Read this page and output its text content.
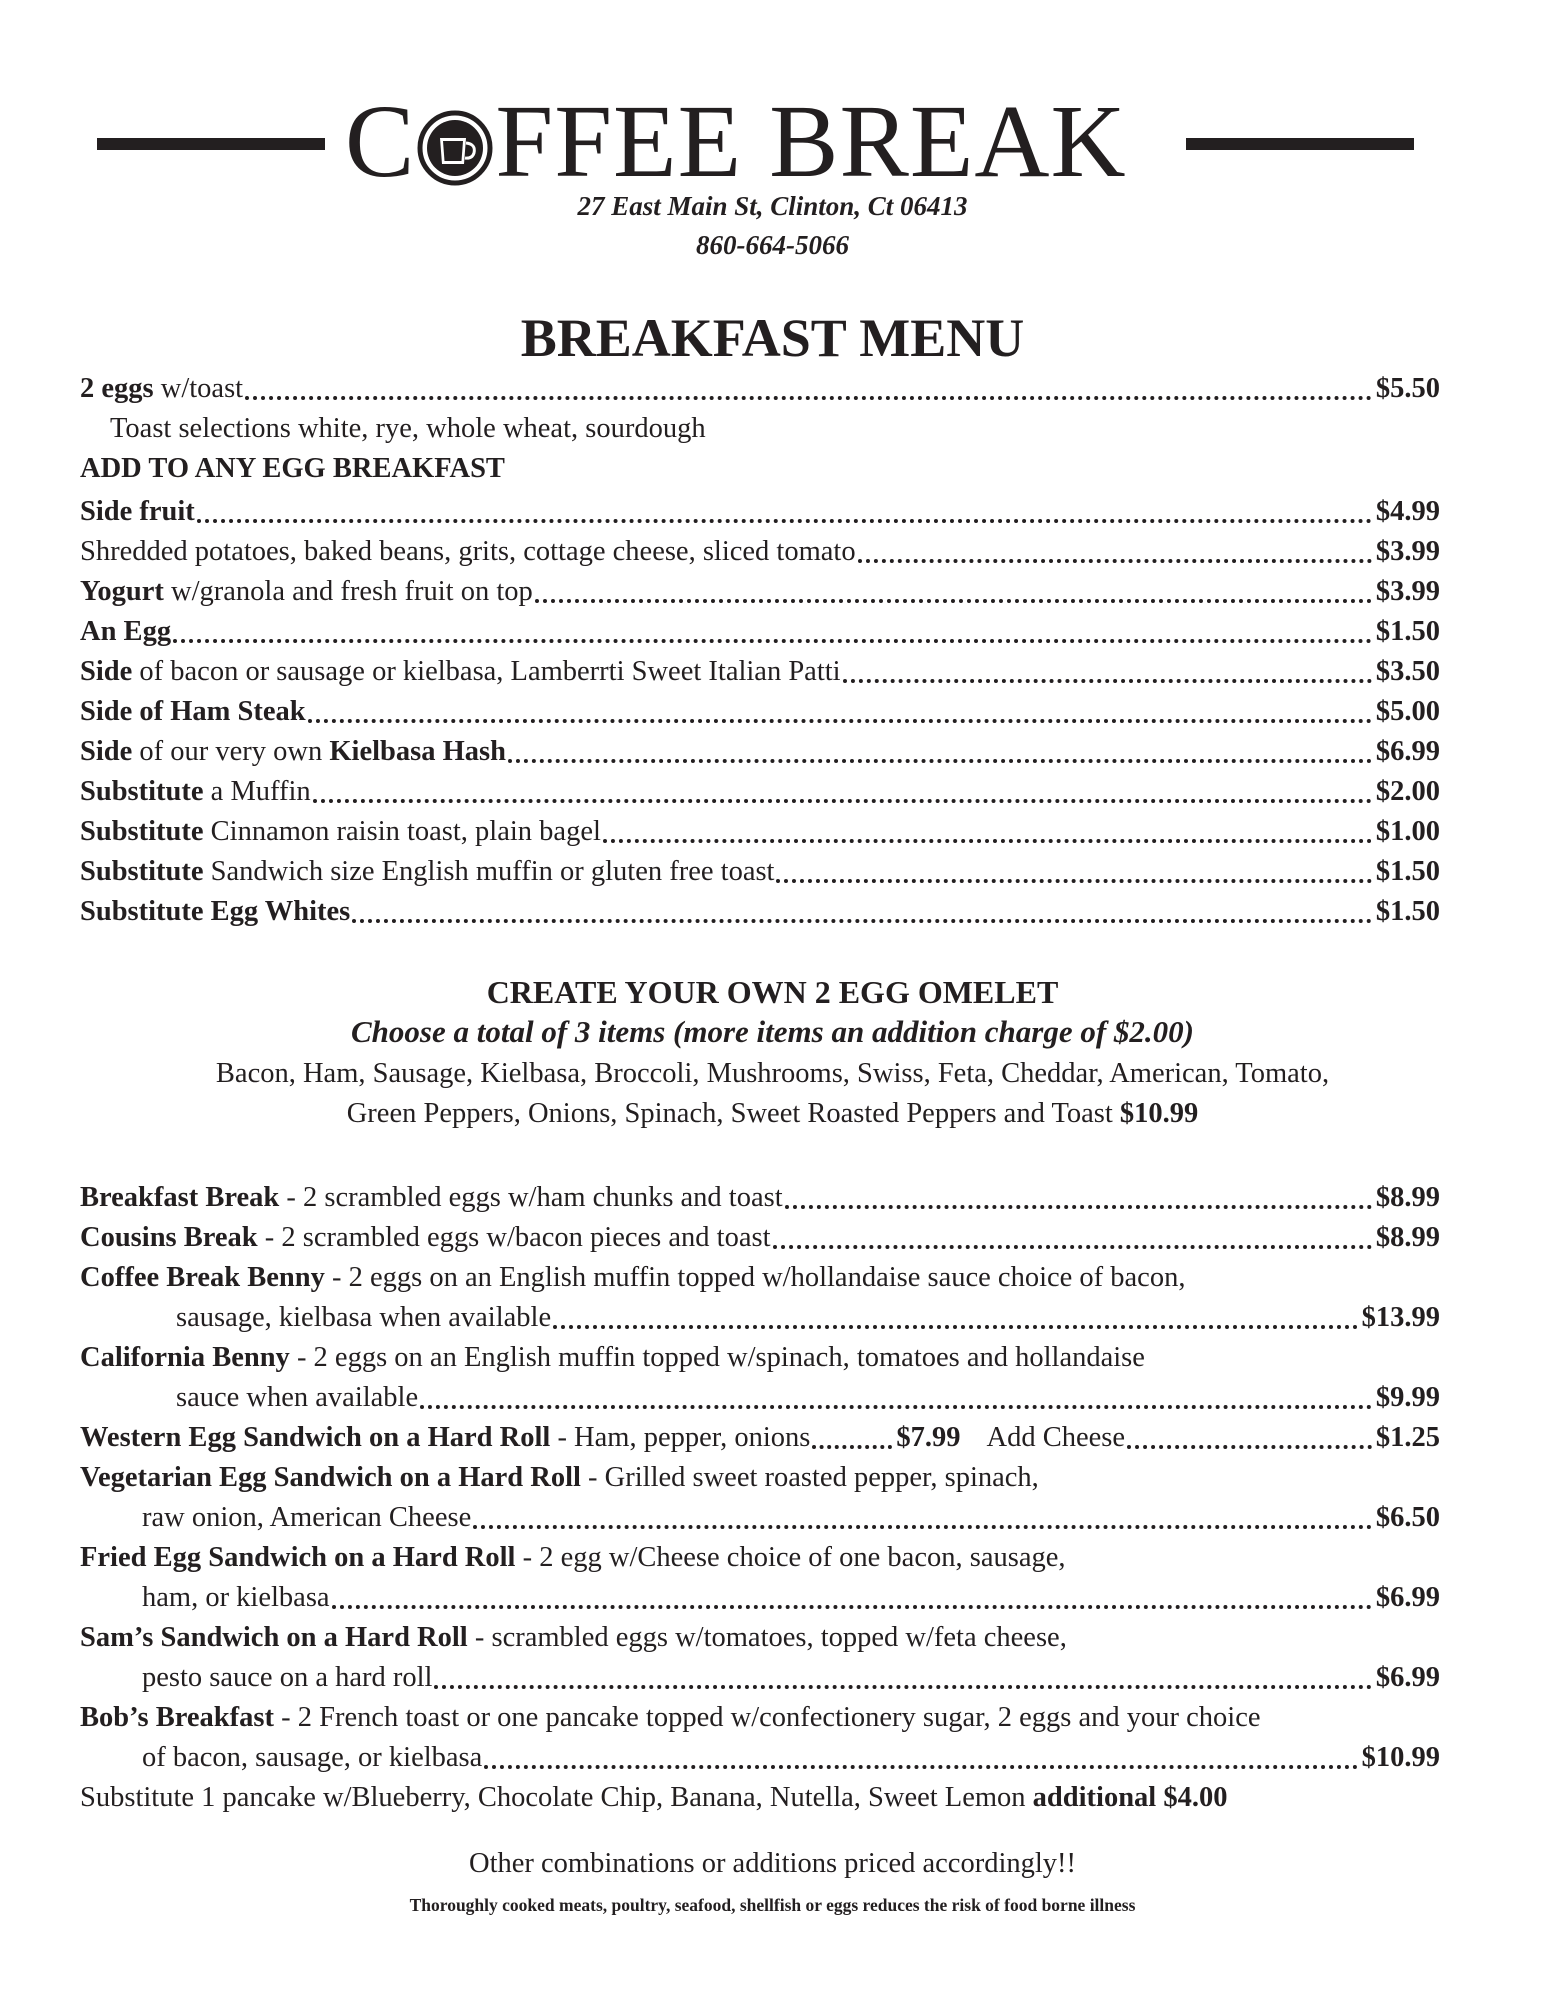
C FFEE BREAK
27 East Main St, Clinton, Ct 06413
860-664-5066
BREAKFAST MENU
2 eggs w/toast	$5.50
Toast selections white, rye, whole wheat, sourdough
ADD TO ANY EGG BREAKFAST
Side fruit	$4.99
Shredded potatoes, baked beans, grits, cottage cheese, sliced tomato	$3.99
Yogurt w/granola and fresh fruit on top	$3.99
An Egg	$1.50
Side of bacon or sausage or kielbasa, Lamberrti Sweet Italian Patti	$3.50
Side of Ham Steak	$5.00
Side of our very own Kielbasa Hash	$6.99
Substitute a Muffin	$2.00
Substitute Cinnamon raisin toast, plain bagel	$1.00
Substitute Sandwich size English muffin or gluten free toast	$1.50
Substitute Egg Whites	$1.50
CREATE YOUR OWN 2 EGG OMELET
Choose a total of 3 items (more items an addition charge of $2.00)
Bacon, Ham, Sausage, Kielbasa, Broccoli, Mushrooms, Swiss, Feta, Cheddar, American, Tomato,
Green Peppers, Onions, Spinach, Sweet Roasted Peppers and Toast $10.99
Breakfast Break - 2 scrambled eggs w/ham chunks and toast	$8.99
Cousins Break - 2 scrambled eggs w/bacon pieces and toast	$8.99
Coffee Break Benny - 2 eggs on an English muffin topped w/hollandaise sauce choice of bacon,
sausage, kielbasa when available	$13.99
California Benny - 2 eggs on an English muffin topped w/spinach, tomatoes and hollandaise
sauce when available	$9.99
Western Egg Sandwich on a Hard Roll - Ham, pepper, onions	$7.99 Add Cheese	$1.25
Vegetarian Egg Sandwich on a Hard Roll - Grilled sweet roasted pepper, spinach,
raw onion, American Cheese	$6.50
Fried Egg Sandwich on a Hard Roll - 2 egg w/Cheese choice of one bacon, sausage,
ham, or kielbasa	$6.99
Sam’s Sandwich on a Hard Roll - scrambled eggs w/tomatoes, topped w/feta cheese,
pesto sauce on a hard roll	$6.99
Bob’s Breakfast - 2 French toast or one pancake topped w/confectionery sugar, 2 eggs and your choice
of bacon, sausage, or kielbasa	$10.99
Substitute 1 pancake w/Blueberry, Chocolate Chip, Banana, Nutella, Sweet Lemon additional $4.00
Other combinations or additions priced accordingly!!
Thoroughly cooked meats, poultry, seafood, shellfish or eggs reduces the risk of food borne illness
